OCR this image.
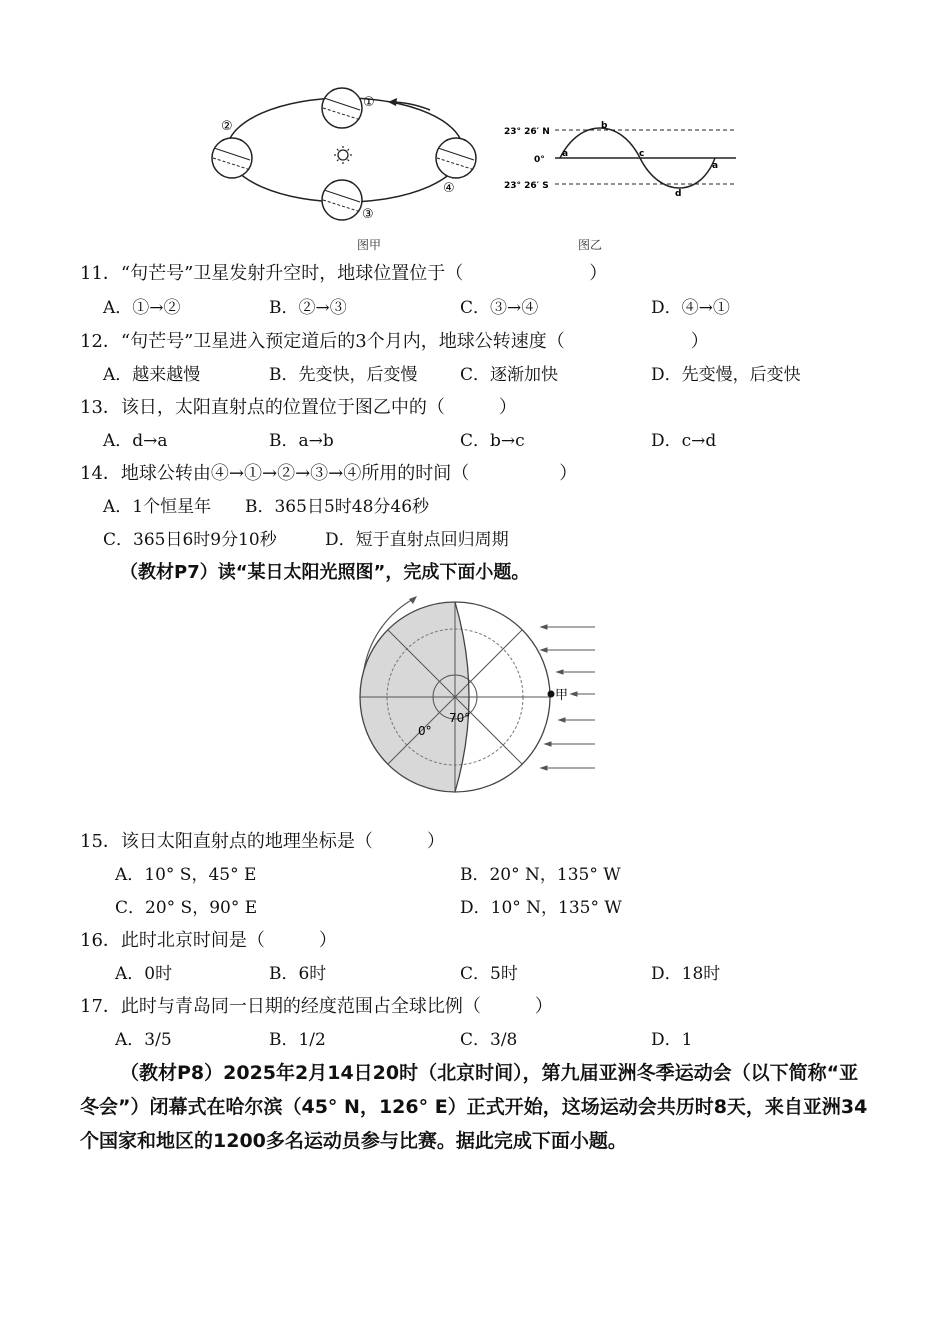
①
②
③
④
图甲
23° 26′ N
0°
23° 26′ S
a
b
c
d
a
图乙
11．“句芒号”卫星发射升空时，地球位置位于（　　　　　　　）
A．①→②	B．②→③	C．③→④	D．④→①
12．“句芒号”卫星进入预定道后的3个月内，地球公转速度（　　　　　　　）
A．越来越慢	B．先变快，后变慢	C．逐渐加快	D．先变慢，后变快
13．该日，太阳直射点的位置位于图乙中的（　　　）
A．d→a	B．a→b	C．b→c	D．c→d
14．地球公转由④→①→②→③→④所用的时间（　　　　　）
A．1个恒星年 B．365日5时48分46秒
C．365日6时9分10秒	D．短于直射点回归周期
（教材P7）读“某日太阳光照图”，完成下面小题。
甲
70°
0°
15．该日太阳直射点的地理坐标是（　　　）
A．10° S，45° E	B．20° N，135° W
C．20° S，90° E	D．10° N，135° W
16．此时北京时间是（　　　）
A．0时	B．6时	C．5时	D．18时
17．此时与青岛同一日期的经度范围占全球比例（　　　）
A．3/5	B．1/2	C．3/8	D．1
（教材P8）2025年2月14日20时（北京时间），第九届亚洲冬季运动会（以下简称“亚冬会”）闭幕式在哈尔滨（45° N，126° E）正式开始，这场运动会共历时8天，来自亚洲34个国家和地区的1200多名运动员参与比赛。据此完成下面小题。
